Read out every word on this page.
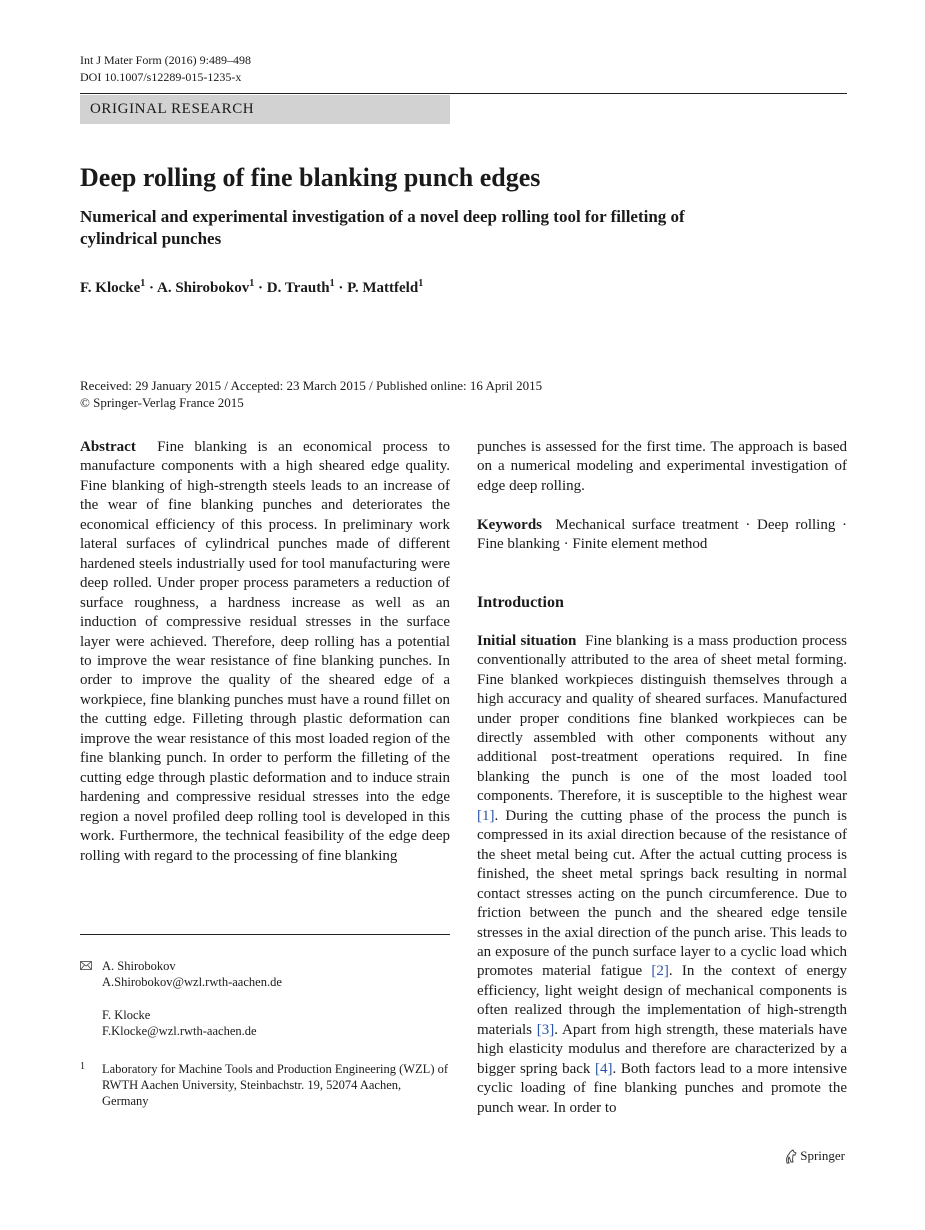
Int J Mater Form (2016) 9:489–498
DOI 10.1007/s12289-015-1235-x
ORIGINAL RESEARCH
Deep rolling of fine blanking punch edges
Numerical and experimental investigation of a novel deep rolling tool for filleting of cylindrical punches
F. Klocke$^1$ · A. Shirobokov$^1$ · D. Trauth$^1$ · P. Mattfeld$^1$
Received: 29 January 2015 / Accepted: 23 March 2015 / Published online: 16 April 2015
© Springer-Verlag France 2015

Abstract Fine blanking is an economical process to manufacture components with a high sheared edge quality. Fine blanking of high-strength steels leads to an increase of the wear of fine blanking punches and deteriorates the economical efficiency of this process. In preliminary work lateral surfaces of cylindrical punches made of different hardened steels industrially used for tool manufacturing were deep rolled. Under proper process parameters a reduction of surface roughness, a hardness increase as well as an induction of compressive residual stresses in the surface layer were achieved. Therefore, deep rolling has a potential to improve the wear resistance of fine blanking punches. In order to improve the quality of the sheared edge of a workpiece, fine blanking punches must have a round fillet on the cutting edge. Filleting through plastic deformation can improve the wear resistance of this most loaded region of the fine blanking punch. In order to perform the filleting of the cutting edge through plastic deformation and to induce strain hardening and compressive residual stresses into the edge region a novel profiled deep rolling tool is developed in this work. Furthermore, the technical feasibility of the edge deep rolling with regard to the processing of fine blanking

punches is assessed for the first time. The approach is based on a numerical modeling and experimental investigation of edge deep rolling.

Keywords Mechanical surface treatment · Deep rolling · Fine blanking · Finite element method

Introduction

Initial situation Fine blanking is a mass production process conventionally attributed to the area of sheet metal forming. Fine blanked workpieces distinguish themselves through a high accuracy and quality of sheared surfaces. Manufactured under proper conditions fine blanked workpieces can be directly assembled with other components without any additional post-treatment operations required. In fine blanking the punch is one of the most loaded tool components. Therefore, it is susceptible to the highest wear [1]. During the cutting phase of the process the punch is compressed in its axial direction because of the resistance of the sheet metal being cut. After the actual cutting process is finished, the sheet metal springs back resulting in normal contact stresses acting on the punch circumference. Due to friction between the punch and the sheared edge tensile stresses in the axial direction of the punch arise. This leads to an exposure of the punch surface layer to a cyclic load which promotes material fatigue [2]. In the context of energy efficiency, light weight design of mechanical components is often realized through the implementation of high-strength materials [3]. Apart from high strength, these materials have high elasticity modulus and therefore are characterized by a bigger spring back [4]. Both factors lead to a more intensive cyclic loading of fine blanking punches and promote the punch wear. In order to

A. Shirobokov
A.Shirobokov@wzl.rwth-aachen.de
F. Klocke
F.Klocke@wzl.rwth-aachen.de
1 Laboratory for Machine Tools and Production Engineering (WZL) of RWTH Aachen University, Steinbachstr. 19, 52074 Aachen, Germany
Springer
